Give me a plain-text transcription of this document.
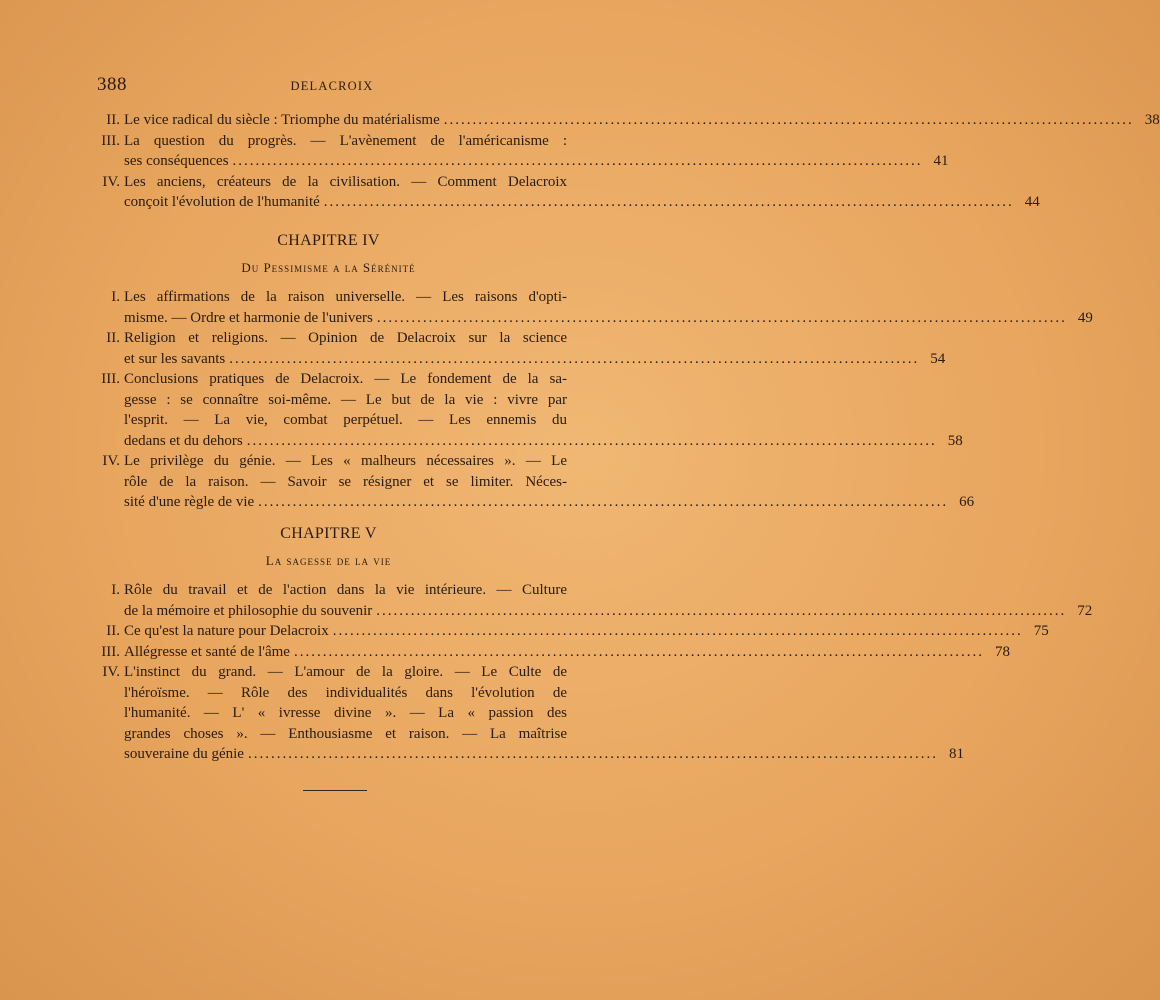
388	DELACROIX
II. Le vice radical du siècle : Triomphe du matérialisme ........................................................................................................................ 38
III. La question du progrès. — L'avènement de l'américanisme :
ses conséquences ........................................................................................................................ 41
IV. Les anciens, créateurs de la civilisation. — Comment Delacroix
conçoit l'évolution de l'humanité ........................................................................................................................ 44
CHAPITRE IV
Du Pessimisme a la Sérénité
I. Les affirmations de la raison universelle. — Les raisons d'opti-
misme. — Ordre et harmonie de l'univers ........................................................................................................................ 49
II. Religion et religions. — Opinion de Delacroix sur la science
et sur les savants ........................................................................................................................ 54
III. Conclusions pratiques de Delacroix. — Le fondement de la sa-
gesse : se connaître soi-même. — Le but de la vie : vivre par
l'esprit. — La vie, combat perpétuel. — Les ennemis du
dedans et du dehors ........................................................................................................................ 58
IV. Le privilège du génie. — Les « malheurs nécessaires ». — Le
rôle de la raison. — Savoir se résigner et se limiter. Néces-
sité d'une règle de vie ........................................................................................................................ 66
CHAPITRE V
La sagesse de la vie
I. Rôle du travail et de l'action dans la vie intérieure. — Culture
de la mémoire et philosophie du souvenir ........................................................................................................................ 72
II. Ce qu'est la nature pour Delacroix ........................................................................................................................ 75
III. Allégresse et santé de l'âme ........................................................................................................................ 78
IV. L'instinct du grand. — L'amour de la gloire. — Le Culte de
l'héroïsme. — Rôle des individualités dans l'évolution de
l'humanité. — L' « ivresse divine ». — La « passion des
grandes choses ». — Enthousiasme et raison. — La maîtrise
souveraine du génie ........................................................................................................................ 81
